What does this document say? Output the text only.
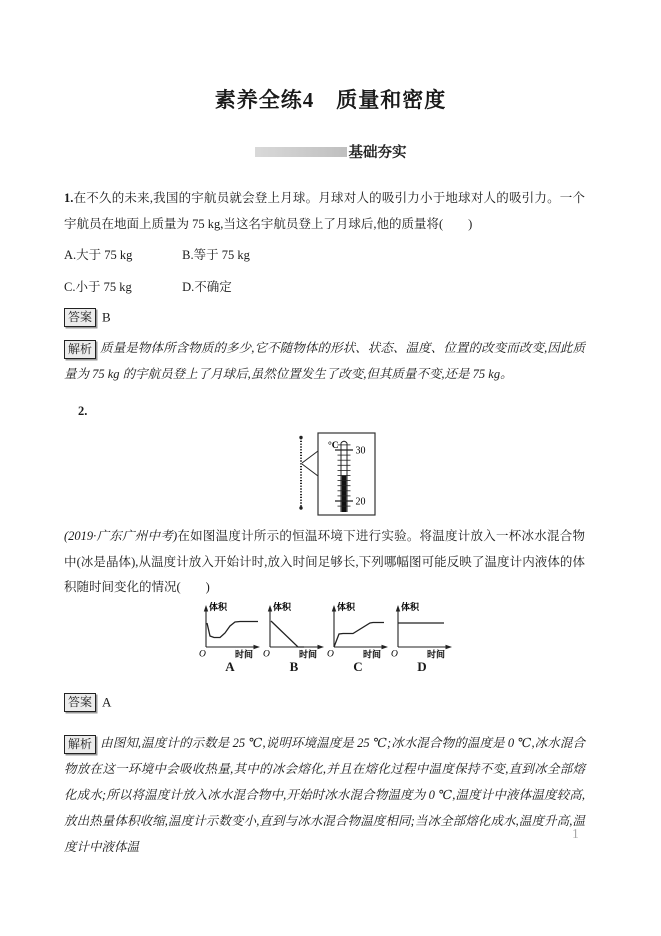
素养全练4　质量和密度
基础夯实
1.在不久的未来,我国的宇航员就会登上月球。月球对人的吸引力小于地球对人的吸引力。一个宇航员在地面上质量为 75 kg,当这名宇航员登上了月球后,他的质量将(　　)
A.大于 75 kg	B.等于 75 kg
C.小于 75 kg	D.不确定
答案 B
解析 质量是物体所含物质的多少,它不随物体的形状、状态、温度、位置的改变而改变,因此质量为 75 kg 的宇航员登上了月球后,虽然位置发生了改变,但其质量不变,还是 75 kg。
2.
°C 30
20
(2019·广东广州中考)在如图温度计所示的恒温环境下进行实验。将温度计放入一杯冰水混合物中(冰是晶体),从温度计放入开始计时,放入时间足够长,下列哪幅图可能反映了温度计内液体的体积随时间变化的情况(　　)
体积
时间
O
A
体积
时间
O
B
体积
时间
O
C
体积
时间
O
D
答案 A
解析 由图知,温度计的示数是 25 ℃,说明环境温度是 25 ℃;冰水混合物的温度是 0 ℃,冰水混合物放在这一环境中会吸收热量,其中的冰会熔化,并且在熔化过程中温度保持不变,直到冰全部熔化成水;所以将温度计放入冰水混合物中,开始时冰水混合物温度为 0 ℃,温度计中液体温度较高,放出热量体积收缩,温度计示数变小,直到与冰水混合物温度相同;当冰全部熔化成水,温度升高,温度计中液体温
1
